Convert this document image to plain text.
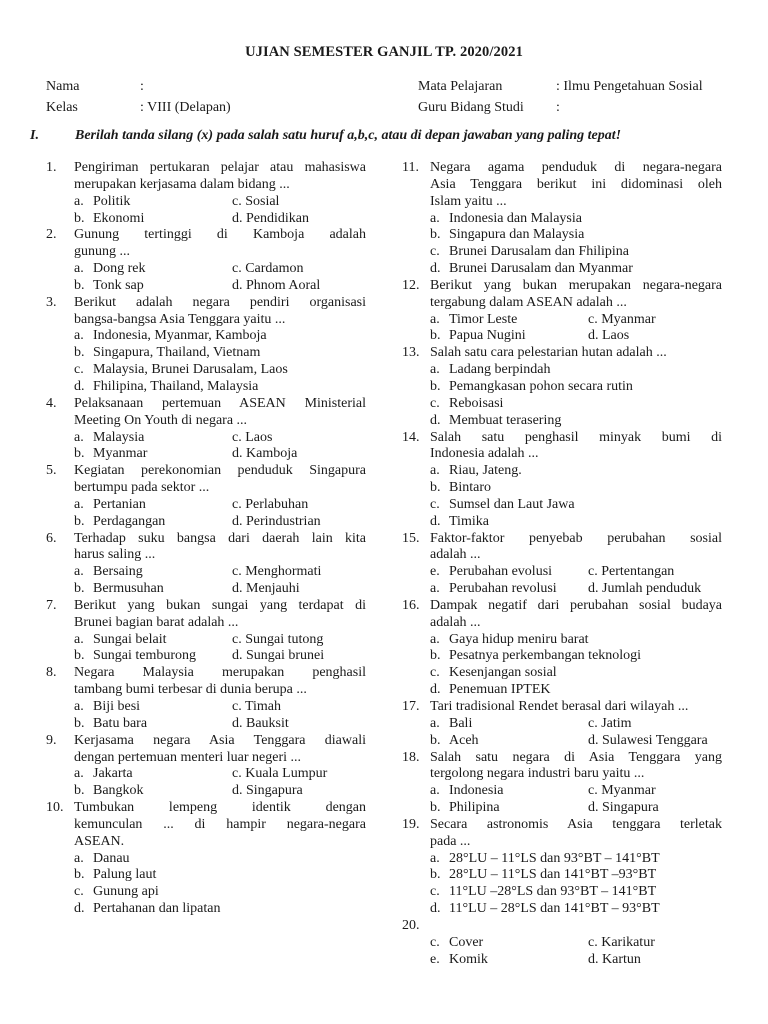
UJIAN SEMESTER GANJIL TP. 2020/2021
Nama	:
Kelas	: VIII (Delapan)
Mata Pelajaran	: Ilmu Pengetahuan Sosial
Guru Bidang Studi :
I.	Berilah tanda silang (x) pada salah satu huruf a,b,c, atau di depan jawaban yang paling tepat!
1. Pengiriman pertukaran pelajar atau mahasiswa
merupakan kerjasama dalam bidang ...
a. Politik	c. Sosial
b. Ekonomi	d. Pendidikan
2. Gunung tertinggi di Kamboja adalah
gunung ...
a. Dong rek	c. Cardamon
b. Tonk sap	d. Phnom Aoral
3. Berikut adalah negara pendiri organisasi
bangsa-bangsa Asia Tenggara yaitu ...
a. Indonesia, Myanmar, Kamboja
b. Singapura, Thailand, Vietnam
c. Malaysia, Brunei Darusalam, Laos
d. Fhilipina, Thailand, Malaysia
4. Pelaksanaan pertemuan ASEAN Ministerial
Meeting On Youth di negara ...
a. Malaysia	c. Laos
b. Myanmar	d. Kamboja
5. Kegiatan perekonomian penduduk Singapura
bertumpu pada sektor ...
a. Pertanian	c. Perlabuhan
b. Perdagangan	d. Perindustrian
6. Terhadap suku bangsa dari daerah lain kita
harus saling ...
a. Bersaing	c. Menghormati
b. Bermusuhan	d. Menjauhi
7. Berikut yang bukan sungai yang terdapat di
Brunei bagian barat adalah ...
a. Sungai belait	c. Sungai tutong
b. Sungai temburong	d. Sungai brunei
8. Negara Malaysia merupakan penghasil
tambang bumi terbesar di dunia berupa ...
a. Biji besi	c. Timah
b. Batu bara	d. Bauksit
9. Kerjasama negara Asia Tenggara diawali
dengan pertemuan menteri luar negeri ...
a. Jakarta	c. Kuala Lumpur
b. Bangkok	d. Singapura
10. Tumbukan lempeng identik dengan
kemunculan ... di hampir negara-negara
ASEAN.
a. Danau
b. Palung laut
c. Gunung api
d. Pertahanan dan lipatan
11. Negara agama penduduk di negara-negara
Asia Tenggara berikut ini didominasi oleh
Islam yaitu ...
a. Indonesia dan Malaysia
b. Singapura dan Malaysia
c. Brunei Darusalam dan Fhilipina
d. Brunei Darusalam dan Myanmar
12. Berikut yang bukan merupakan negara-negara
tergabung dalam ASEAN adalah ...
a. Timor Leste	c. Myanmar
b. Papua Nugini	d. Laos
13. Salah satu cara pelestarian hutan adalah ...
a. Ladang berpindah
b. Pemangkasan pohon secara rutin
c. Reboisasi
d. Membuat terasering
14. Salah satu penghasil minyak bumi di
Indonesia adalah ...
a. Riau, Jateng.
b. Bintaro
c. Sumsel dan Laut Jawa
d. Timika
15. Faktor-faktor penyebab perubahan sosial
adalah ...
e. Perubahan evolusi	c. Pertentangan
a. Perubahan revolusi	d. Jumlah penduduk
16. Dampak negatif dari perubahan sosial budaya
adalah ...
a. Gaya hidup meniru barat
b. Pesatnya perkembangan teknologi
c. Kesenjangan sosial
d. Penemuan IPTEK
17. Tari tradisional Rendet berasal dari wilayah ...
a. Bali	c. Jatim
b. Aceh	d. Sulawesi Tenggara
18. Salah satu negara di Asia Tenggara yang
tergolong negara industri baru yaitu ...
a. Indonesia	c. Myanmar
b. Philipina	d. Singapura
19. Secara astronomis Asia tenggara terletak
pada ...
a. 28°LU – 11°LS dan 93°BT – 141°BT
b. 28°LU – 11°LS dan 141°BT –93°BT
c. 11°LU –28°LS dan 93°BT – 141°BT
d. 11°LU – 28°LS dan 141°BT – 93°BT
20.

c. Cover	c. Karikatur
e. Komik	d. Kartun
